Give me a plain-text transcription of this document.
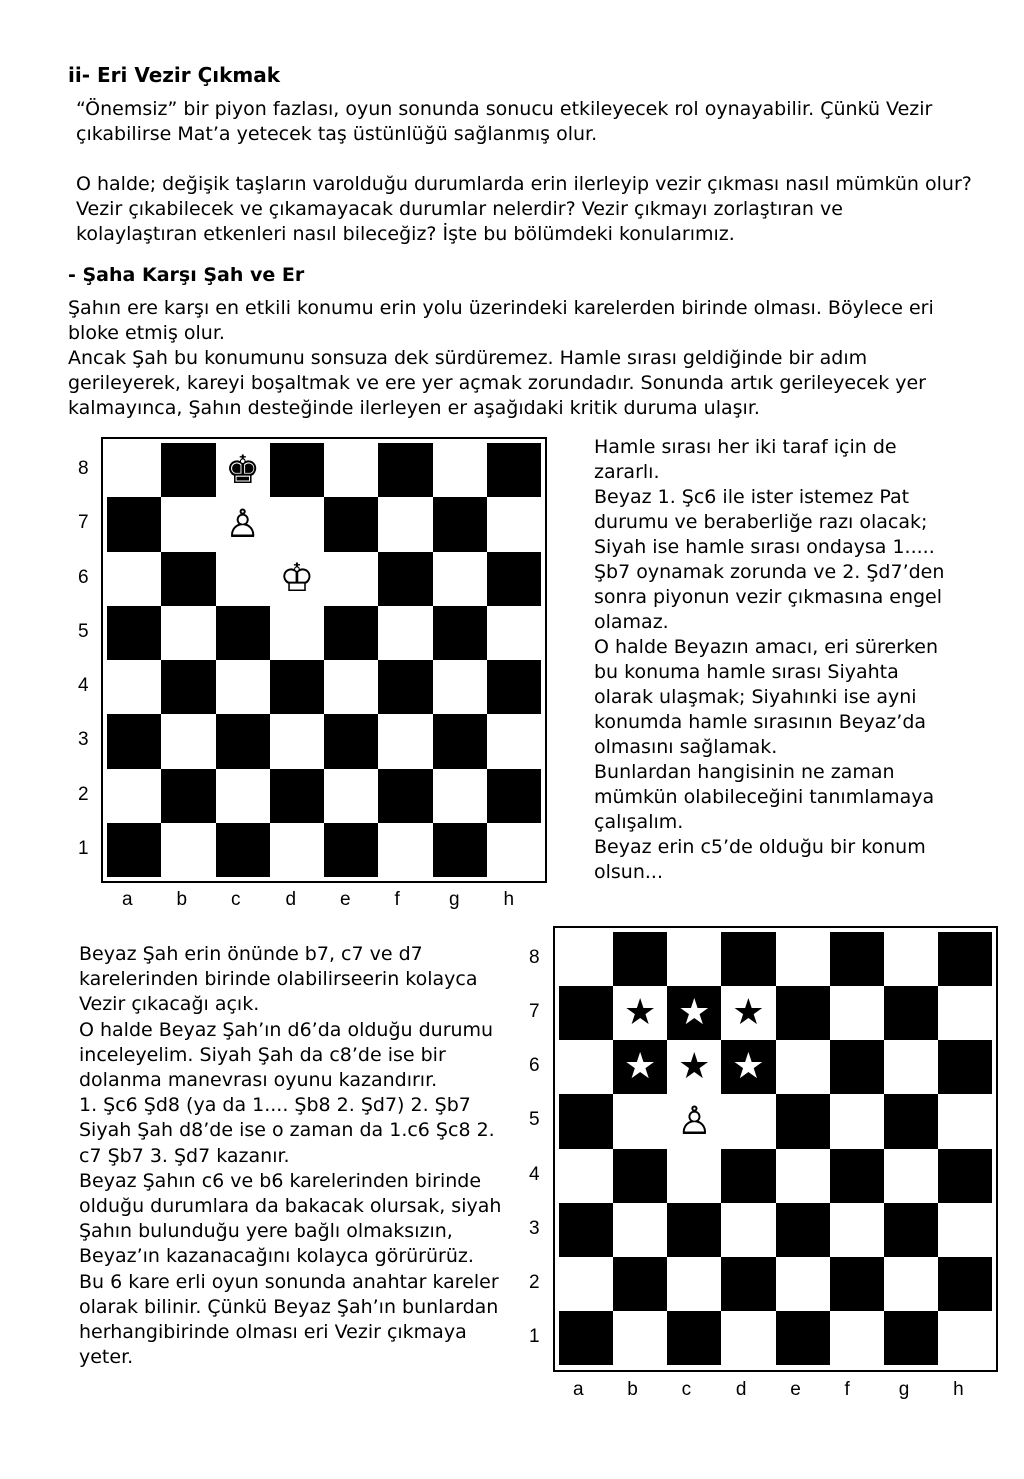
ii- Eri Vezir Çıkmak

“Önemsiz” bir piyon fazlası, oyun sonunda sonucu etkileyecek rol oynayabilir. Çünkü Vezir

çıkabilirse Mat’a yetecek taş üstünlüğü sağlanmış olur.

O halde; değişik taşların varolduğu durumlarda erin ilerleyip vezir çıkması nasıl mümkün olur?

Vezir çıkabilecek ve çıkamayacak durumlar nelerdir? Vezir çıkmayı zorlaştıran ve

kolaylaştıran etkenleri nasıl bileceğiz? İşte bu bölümdeki konularımız.

- Şaha Karşı Şah ve Er

Şahın ere karşı en etkili konumu erin yolu üzerindeki karelerden birinde olması. Böylece eri

bloke etmiş olur.

Ancak Şah bu konumunu sonsuza dek sürdüremez. Hamle sırası geldiğinde bir adım

gerileyerek, kareyi boşaltmak ve ere yer açmak zorundadır. Sonunda artık gerileyecek yer

kalmayınca, Şahın desteğinde ilerleyen er aşağıdaki kritik duruma ulaşır.

♚
♙
♔
8
7
6
5
4
3
2
1
a b c d e f	g h

Hamle sırası her iki taraf için de

zararlı.

Beyaz 1. Şc6 ile ister istemez Pat

durumu ve beraberliğe razı olacak;

Siyah ise hamle sırası ondaysa 1.....

Şb7 oynamak zorunda ve 2. Şd7’den

sonra piyonun vezir çıkmasına engel

olamaz.

O halde Beyazın amacı, eri sürerken

bu konuma hamle sırası Siyahta

olarak ulaşmak; Siyahınki ise ayni

konumda hamle sırasının Beyaz’da

olmasını sağlamak.

Bunlardan hangisinin ne zaman

mümkün olabileceğini tanımlamaya

çalışalım.

Beyaz erin c5’de olduğu bir konum

olsun...

Beyaz Şah erin önünde b7, c7 ve d7

karelerinden birinde olabilirseerin kolayca

Vezir çıkacağı açık.

O halde Beyaz Şah’ın d6’da olduğu durumu

inceleyelim. Siyah Şah da c8’de ise bir

dolanma manevrası oyunu kazandırır.

1. Şc6 Şd8 (ya da 1.... Şb8 2. Şd7) 2. Şb7

Siyah Şah d8’de ise o zaman da 1.c6 Şc8 2.

c7 Şb7 3. Şd7 kazanır.

Beyaz Şahın c6 ve b6 karelerinden birinde

olduğu durumlara da bakacak olursak, siyah

Şahın bulunduğu yere bağlı olmaksızın,

Beyaz’ın kazanacağını kolayca görürürüz.

Bu 6 kare erli oyun sonunda anahtar kareler

olarak bilinir. Çünkü Beyaz Şah’ın bunlardan

herhangibirinde olması eri Vezir çıkmaya

yeter.

★ ★ ★
★ ★ ★
♙
8
7
6
5
4
3
2
1
a b c d e f	g h
